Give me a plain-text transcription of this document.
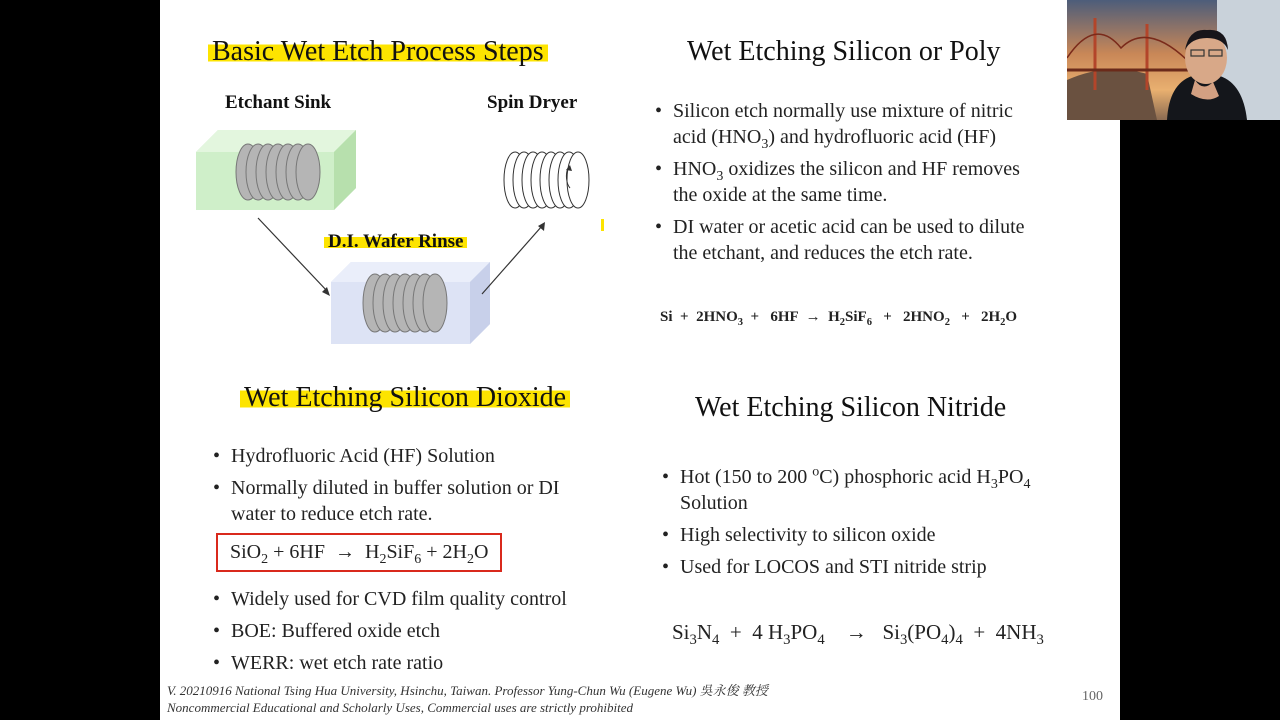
Basic Wet Etch Process Steps
Etchant Sink	Spin Dryer
D.I. Wafer Rinse
Wet Etching Silicon or Poly
• Silicon etch normally use mixture of nitric
acid $(HNO_3)$ and hydrofluoric acid (HF)
• $HNO_3$ oxidizes the silicon and HF removes
the oxide at the same time.
• DI water or acetic acid can be used to dilute
the etchant, and reduces the etch rate.
$Si + 2HNO_3 + 6HF \to H_2SiF_6 + 2HNO_2 + 2H_2O$
Wet Etching Silicon Dioxide
• Hydrofluoric Acid (HF) Solution
• Normally diluted in buffer solution or DI
water to reduce etch rate.
$SiO_2 + 6HF \to H_2SiF_6 + 2H_2O$
• Widely used for CVD film quality control
• BOE: Buffered oxide etch
• WERR: wet etch rate ratio
Wet Etching Silicon Nitride
• Hot (150 to 200 $^o$C) phosphoric acid $H_3PO_4$
Solution
• High selectivity to silicon oxide
• Used for LOCOS and STI nitride strip
$Si_3N_4 + 4$ $H_3PO_4 \to Si_3(PO_4)_4 + 4NH_3$
V. 20210916 National Tsing Hua University, Hsinchu, Taiwan. Professor Yung-Chun Wu (Eugene Wu) 吳永俊 教授
Noncommercial Educational and Scholarly Uses, Commercial uses are strictly prohibited
100
